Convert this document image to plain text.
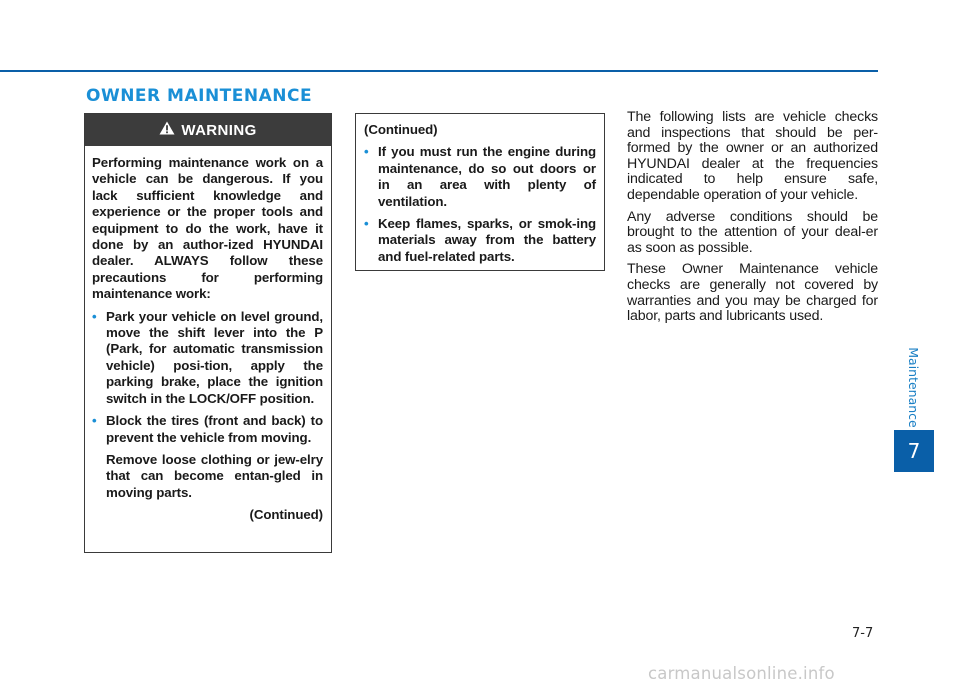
OWNER MAINTENANCE
WARNING

Performing maintenance work on a vehicle can be dangerous. If you lack sufficient knowledge and experience or the proper tools and equipment to do the work, have it done by an author-ized HYUNDAI dealer. ALWAYS follow these precautions for performing maintenance work:

• Park your vehicle on level ground, move the shift lever into the P (Park, for automatic transmission vehicle) posi-tion, apply the parking brake, place the ignition switch in the LOCK/OFF position.

• Block the tires (front and back) to prevent the vehicle from moving.

Remove loose clothing or jew-elry that can become entan-gled in moving parts.

(Continued)

(Continued)

• If you must run the engine during maintenance, do so out doors or in an area with plenty of ventilation.

• Keep flames, sparks, or smok-ing materials away from the battery and fuel-related parts.

The following lists are vehicle checks and inspections that should be per-formed by the owner or an authorized HYUNDAI dealer at the frequencies indicated to help ensure safe, dependable operation of your vehicle.

Any adverse conditions should be brought to the attention of your deal-er as soon as possible.

These Owner Maintenance vehicle checks are generally not covered by warranties and you may be charged for labor, parts and lubricants used.

Maintenance
7
7-7
carmanualsonline.info
